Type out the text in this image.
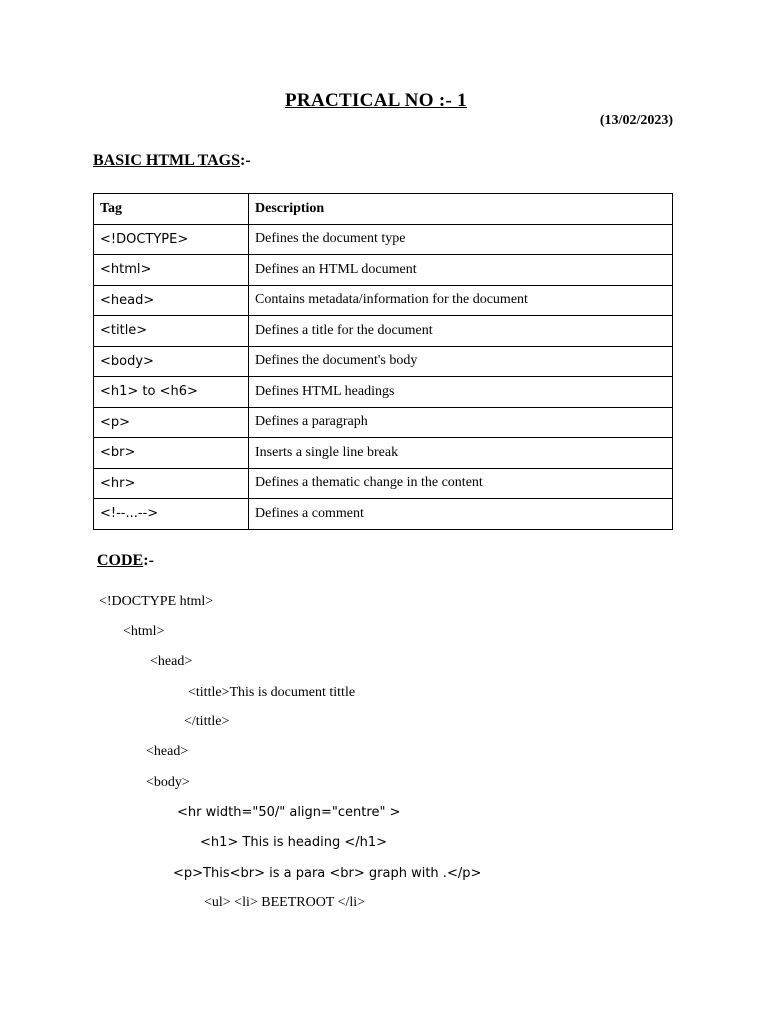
PRACTICAL NO :- 1
(13/02/2023)
BASIC HTML TAGS:-
Tag	Description
<!DOCTYPE>	Defines the document type
<html>	Defines an HTML document
<head>	Contains metadata/information for the document
<title>	Defines a title for the document
<body>	Defines the document's body
<h1> to <h6>	Defines HTML headings
<p>	Defines a paragraph
<br>	Inserts a single line break
<hr>	Defines a thematic change in the content
<!--...-->	Defines a comment
CODE:-
<!DOCTYPE html>
<html>
<head>
<tittle>This is document tittle
</tittle>
<head>
<body>
<hr width="50/" align="centre" >
<h1> This is heading </h1>
<p>This<br> is a para <br> graph with .</p>
<ul> <li> BEETROOT </li>
